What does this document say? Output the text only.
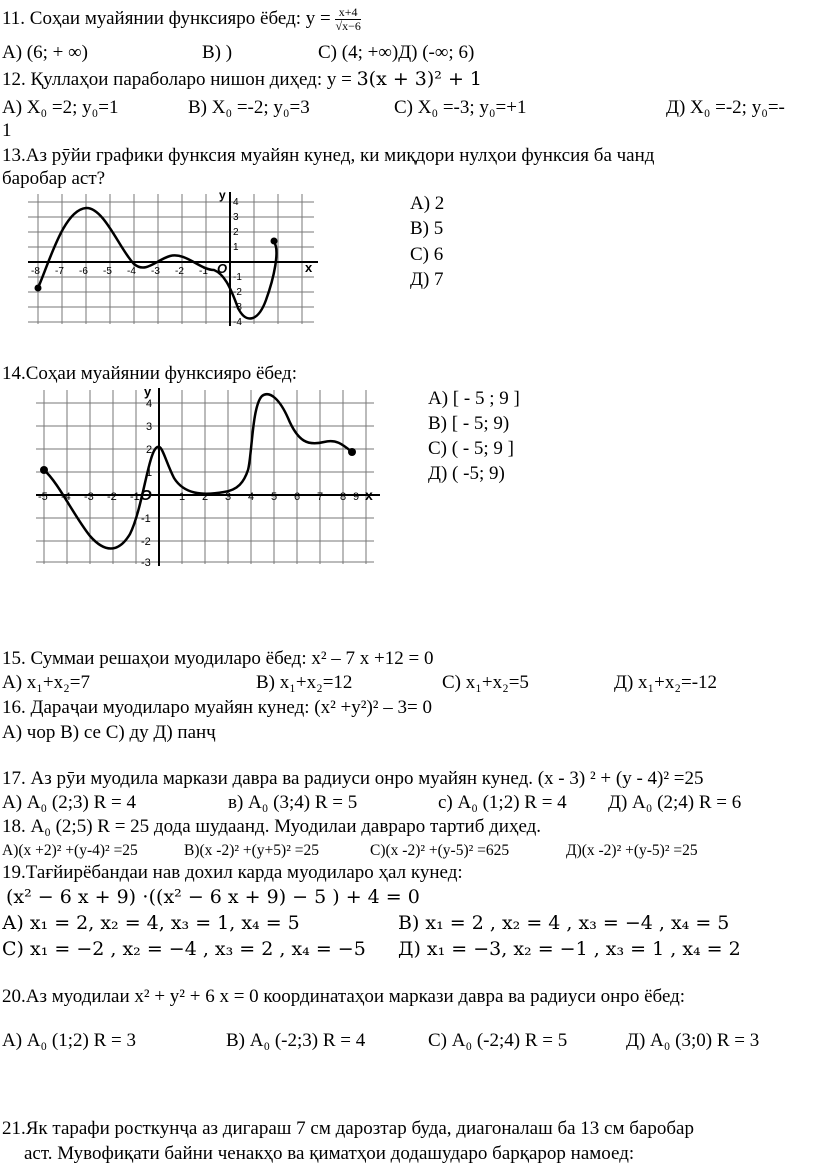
11. Соҳаи муайянии функсияро ёбед: $у = \frac{x+4}{√x-6}$
А) (6; + ∞)	В) )	С) (4; +∞)Д) (-∞; 6)
12. Қуллаҳои параболаро нишон диҳед: у = 3(x + 3)² + 1
А) X₀ =2; y₀=1	В) X₀ =-2; y₀=3	С) X₀ =-3; y₀=+1	Д) X₀ =-2; y₀=-
1
13.Аз рӯйи графики функсия муайян кунед, ки миқдори нулҳои функсия ба чанд
баробар аст?
А) 2
В) 5
С) 6
Д) 7
x
y
O
-8 -7 -6 -5 -4 -3 -2 -1
4
3
2
1
-1
-2
-3
-4
14.Соҳаи муайянии функсияро ёбед:
А) [ - 5 ; 9 ]
В) [ - 5; 9)
С) ( - 5; 9 ]
Д) ( -5; 9)
x
y
O
-5 -4 -3 -2 -1	1 2 3 4 5 6 7 8 9
4
3
2
1
-1
-2
-3
15. Суммаи решаҳои муодиларо ёбед: x² – 7 x +12 = 0
А) x₁+x₂=7	В) x₁+x₂=12	С) x₁+x₂=5	Д) x₁+x₂=-12
16. Дараҷаи муодиларо муайян кунед: (x² +y²)² – 3= 0
А) чор В) се С) ду Д) панҷ
17. Аз рӯи муодила маркази давра ва радиуси онро муайян кунед. (х - 3) ² + (у - 4)² =25
А) А₀ (2;3) R = 4	в) А₀ (3;4) R = 5	с) А₀ (1;2) R = 4 Д) А₀ (2;4) R = 6
18. А₀ (2;5) R = 25 дода шудаанд. Муодилаи давраро тартиб диҳед.
А)(х +2)² +(у-4)² =25	В)(х -2)² +(у+5)² =25	С)(х -2)² +(у-5)² =625	Д)(х -2)² +(у-5)² =25
19.Тағйирёбандаи нав дохил карда муодиларо ҳал кунед:
(x² − 6 x + 9) ⋅((x² − 6 x + 9) − 5 ) + 4 = 0
А) x₁ = 2, x₂ = 4, x₃ = 1, x₄ = 5	В) x₁ = 2 , x₂ = 4 , x₃ = −4 , x₄ = 5
С) x₁ = −2 , x₂ = −4 , x₃ = 2 , x₄ = −5 Д) x₁ = −3, x₂ = −1 , x₃ = 1 , x₄ = 2
20.Аз муодилаи х² + у² + 6 х = 0 координатаҳои маркази давра ва радиуси онро ёбед:
А) А₀ (1;2) R = 3	В) А₀ (-2;3) R = 4	С) А₀ (-2;4) R = 5	Д) А₀ (3;0) R = 3
21.Як тарафи росткунҷа аз дигараш 7 см дарозтар буда, диагоналаш ба 13 см баробар
аст. Мувофиқати байни ченакҳо ва қиматҳои додашударо барқарор намоед:
